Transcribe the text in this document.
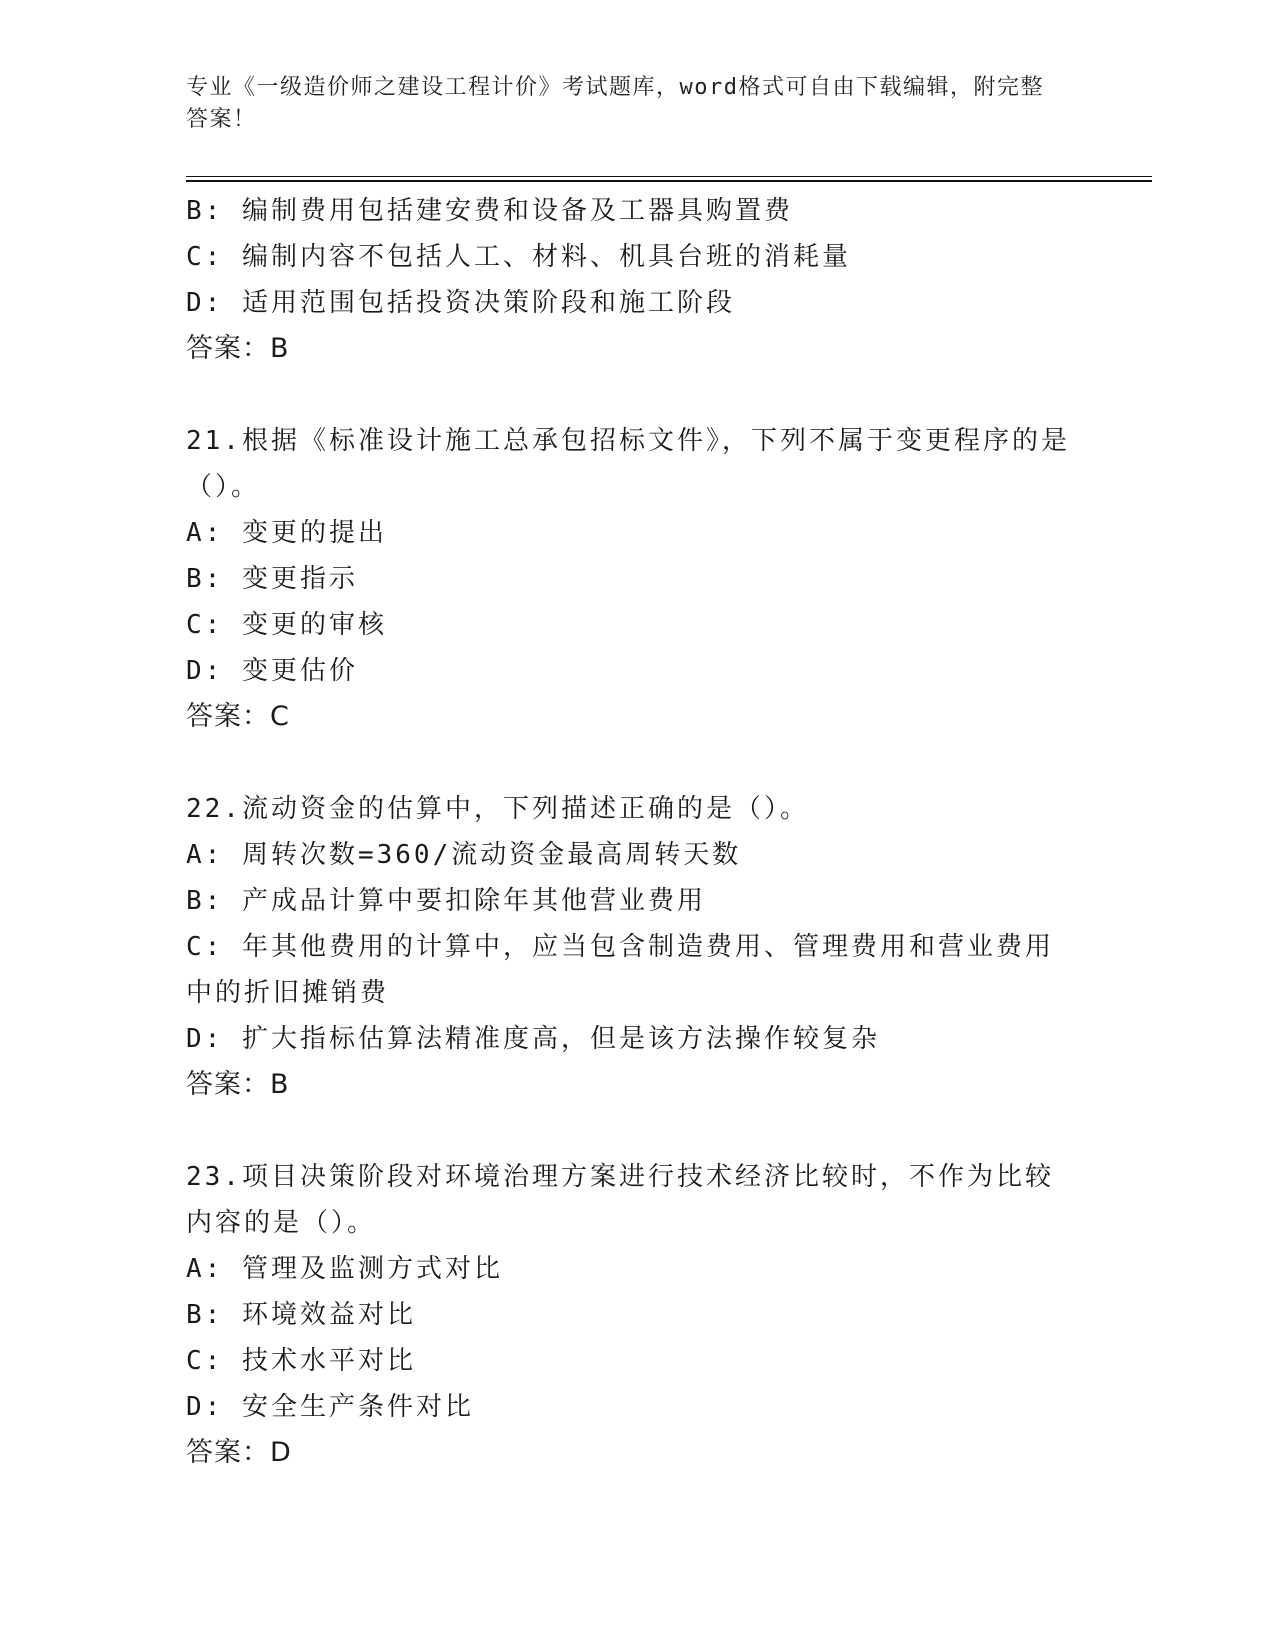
专业《一级造价师之建设工程计价》考试题库，word格式可自由下载编辑，附完整答案！

B: 编制费用包括建安费和设备及工器具购置费

C: 编制内容不包括人工、材料、机具台班的消耗量

D: 适用范围包括投资决策阶段和施工阶段

答案：B

21.根据《标准设计施工总承包招标文件》，下列不属于变更程序的是（）。

A: 变更的提出

B: 变更指示

C: 变更的审核

D: 变更估价

答案：C

22.流动资金的估算中，下列描述正确的是（）。

A: 周转次数=360/流动资金最高周转天数

B: 产成品计算中要扣除年其他营业费用

C: 年其他费用的计算中，应当包含制造费用、管理费用和营业费用中的折旧摊销费

D: 扩大指标估算法精准度高，但是该方法操作较复杂

答案：B

23.项目决策阶段对环境治理方案进行技术经济比较时，不作为比较内容的是（）。

A: 管理及监测方式对比

B: 环境效益对比

C: 技术水平对比

D: 安全生产条件对比

答案：D
